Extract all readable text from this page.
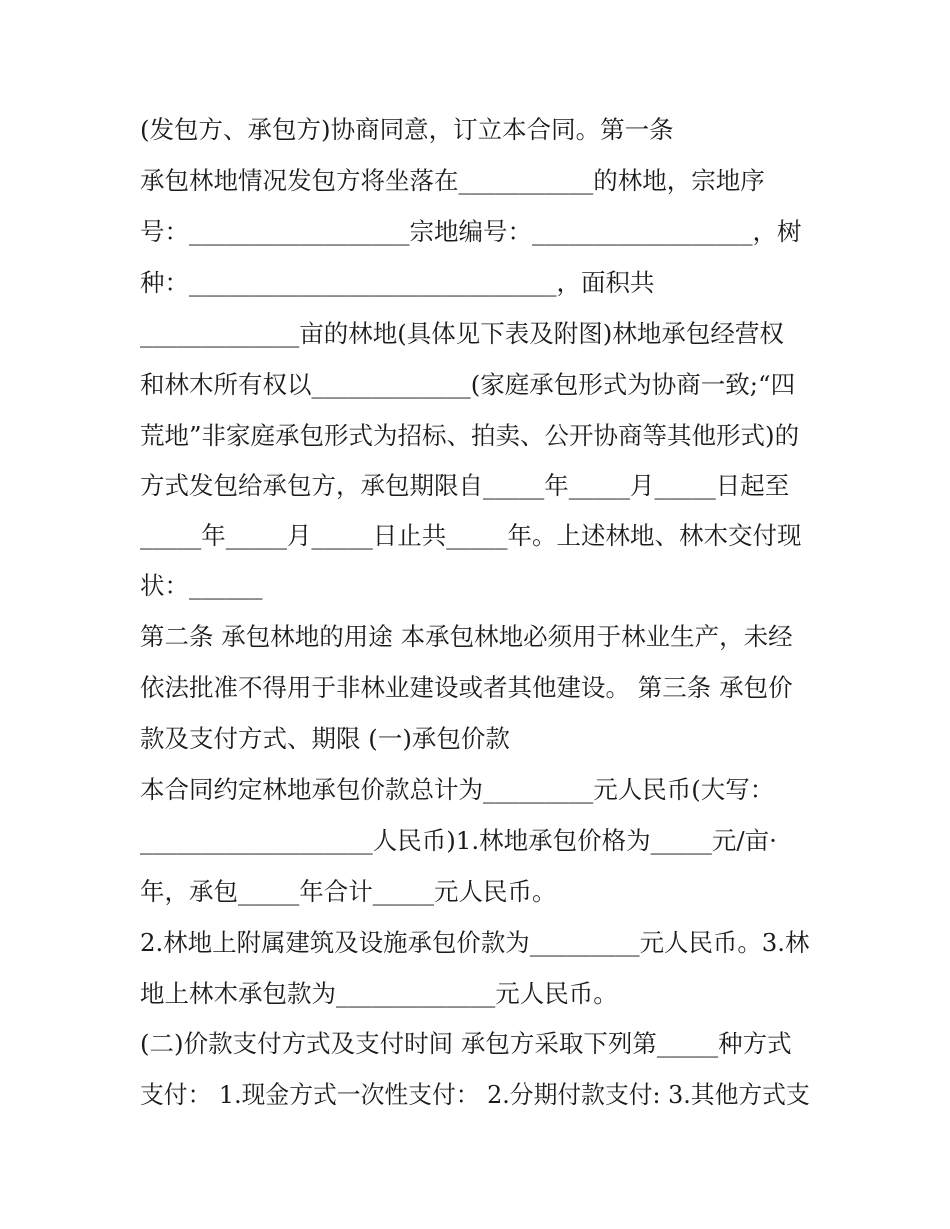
(发包方、承包方)协商同意，订立本合同。第一条
承包林地情况发包方将坐落在___________的林地，宗地序
号：__________________宗地编号：__________________，树
种：______________________________，面积共
_____________亩的林地(具体见下表及附图)林地承包经营权
和林木所有权以_____________(家庭承包形式为协商一致;“四
荒地”非家庭承包形式为招标、拍卖、公开协商等其他形式)的
方式发包给承包方，承包期限自_____年_____月_____日起至
_____年_____月_____日止共_____年。上述林地、林木交付现
状：______
第二条 承包林地的用途 本承包林地必须用于林业生产，未经
依法批准不得用于非林业建设或者其他建设。 第三条 承包价
款及支付方式、期限 (一)承包价款
本合同约定林地承包价款总计为_________元人民币(大写：
___________________人民币)1.林地承包价格为_____元/亩·
年，承包_____年合计_____元人民币。
2.林地上附属建筑及设施承包价款为_________元人民币。3.林
地上林木承包款为_____________元人民币。
(二)价款支付方式及支付时间 承包方采取下列第_____种方式
支付： 1.现金方式一次性支付： 2.分期付款支付: 3.其他方式支
